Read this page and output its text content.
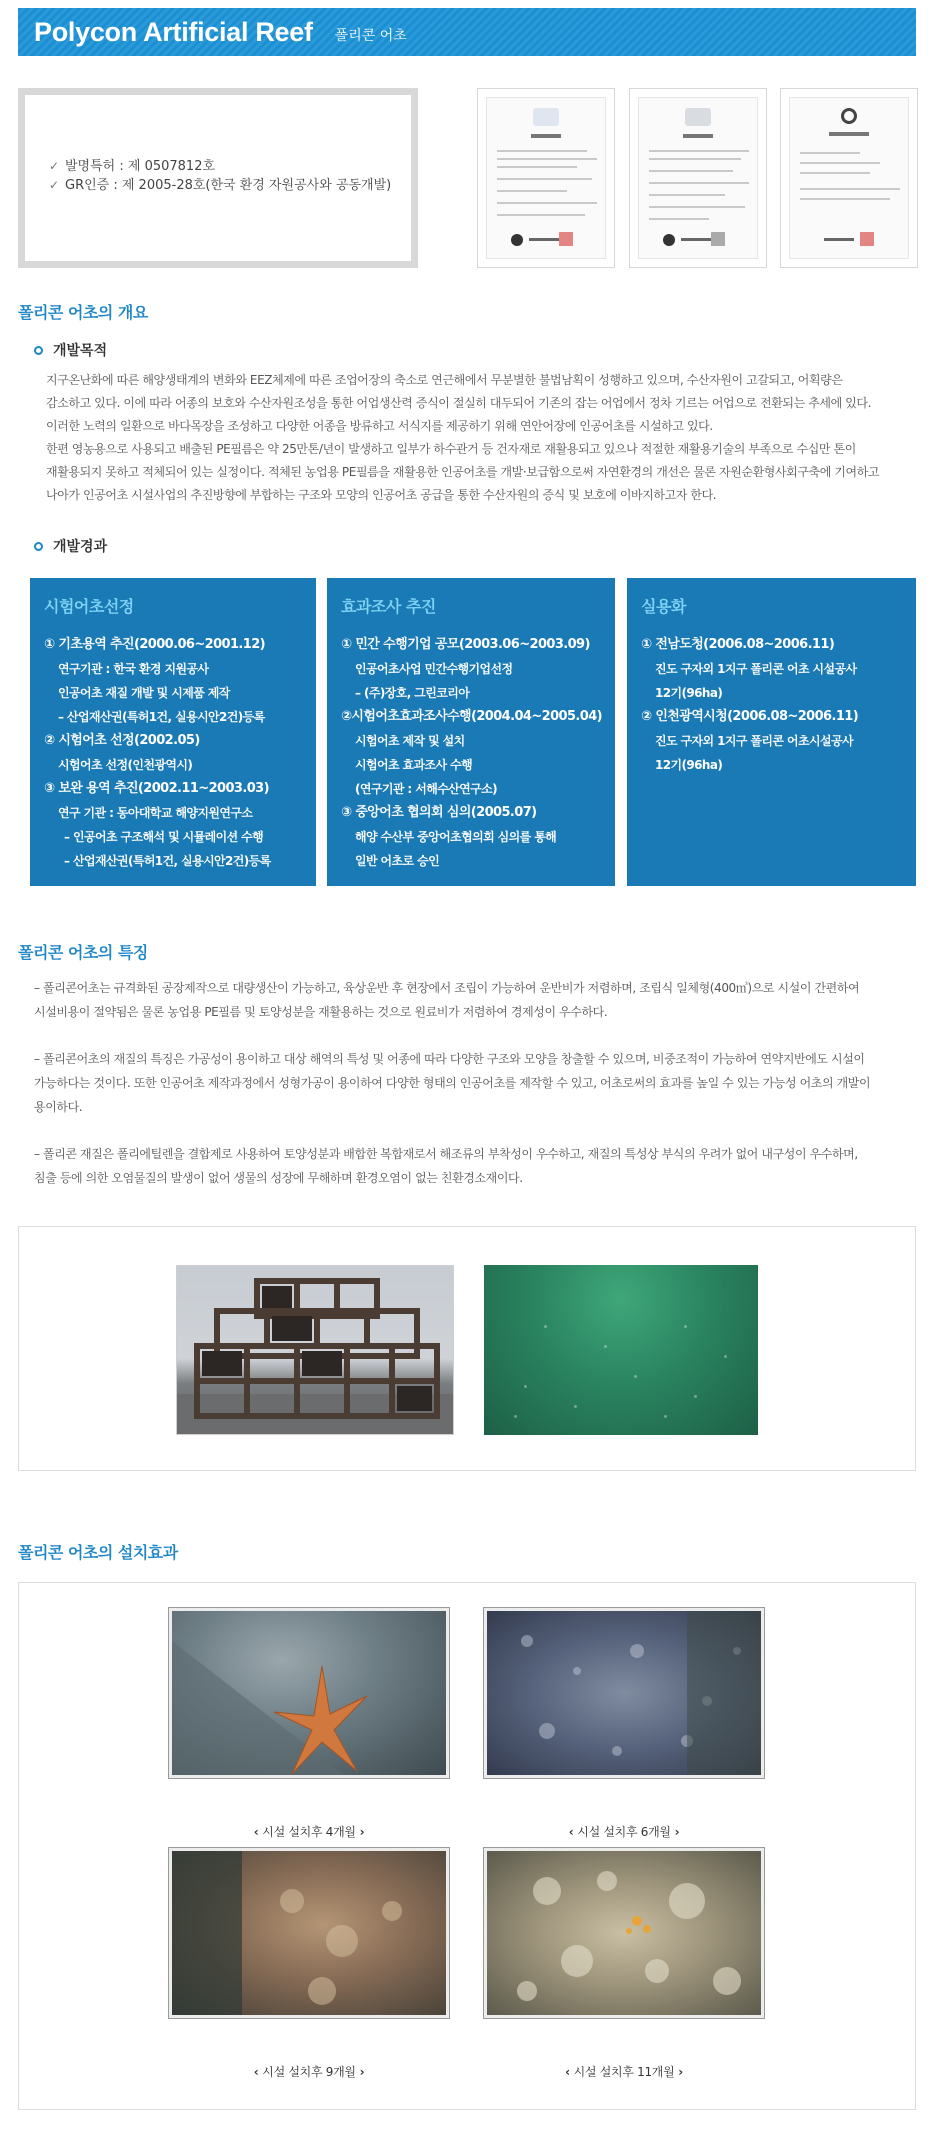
Polycon Artificial Reef 폴리콘 어초
✓ 발명특허 : 제 0507812호
✓ GR인증 : 제 2005-28호(한국 환경 자원공사와 공동개발)
폴리콘 어초의 개요
개발목적
지구온난화에 따른 해양생태계의 변화와 EEZ체제에 따른 조업어장의 축소로 연근해에서 무분별한 불법남획이 성행하고 있으며, 수산자원이 고갈되고, 어획량은
감소하고 있다. 이에 따라 어종의 보호와 수산자원조성을 통한 어업생산력 증식이 절실히 대두되어 기존의 잡는 어업에서 정차 기르는 어업으로 전환되는 추세에 있다.
이러한 노력의 일환으로 바다목장을 조성하고 다양한 어종을 방류하고 서식지를 제공하기 위해 연안어장에 인공어초를 시설하고 있다.
한편 영농용으로 사용되고 배출된 PE필름은 약 25만톤/년이 발생하고 일부가 하수관거 등 건자재로 재활용되고 있으나 적절한 재활용기술의 부족으로 수십만 톤이
재활용되지 못하고 적체되어 있는 실정이다. 적체된 농업용 PE필름을 재활용한 인공어초를 개발·보급함으로써 자연환경의 개선은 물론 자원순환형사회구축에 기여하고
나아가 인공어초 시설사업의 추진방향에 부합하는 구조와 모양의 인공어초 공급을 통한 수산자원의 증식 및 보호에 이바지하고자 한다.
개발경과
시험어초선정
① 기초용역 추진(2000.06~2001.12)
연구기관 : 한국 환경 지원공사
인공어초 재질 개발 및 시제품 제작
– 산업재산권(특허1건, 실용시안2건)등록
② 시험어초 선정(2002.05)
시험어초 선정(인천광역시)
③ 보완 용역 추진(2002.11~2003.03)
연구 기관 : 동아대학교 해양지원연구소
– 인공어초 구조해석 및 시뮬레이션 수행
– 산업재산권(특허1건, 실용시안2건)등록
효과조사 추진
① 민간 수행기업 공모(2003.06~2003.09)
인공어초사업 민간수행기업선정
– (주)장호, 그린코리아
②시험어초효과조사수행(2004.04~2005.04)
시험어초 제작 및 설치
시험어초 효과조사 수행
(연구기관 : 서해수산연구소)
③ 중앙어초 협의회 심의(2005.07)
해양 수산부 중앙어초협의회 심의를 통해
일반 어초로 승인
실용화
① 전남도청(2006.08~2006.11)
진도 구자외 1지구 폴리콘 어초 시설공사
12기(96ha)
② 인천광역시청(2006.08~2006.11)
진도 구자외 1지구 폴리콘 어초시설공사
12기(96ha)
폴리콘 어초의 특징
– 폴리콘어초는 규격화된 공장제작으로 대량생산이 가능하고, 육상운반 후 현장에서 조립이 가능하여 운반비가 저렴하며, 조립식 일체형(400㎥)으로 시설이 간편하여
시설비용이 절약됨은 물론 농업용 PE필름 및 토양성분을 재활용하는 것으로 원료비가 저렴하여 경제성이 우수하다.
– 폴리콘어초의 재질의 특징은 가공성이 용이하고 대상 해역의 특성 및 어종에 따라 다양한 구조와 모양을 창출할 수 있으며, 비중조적이 가능하여 연약지반에도 시설이
가능하다는 것이다. 또한 인공어초 제작과정에서 성형가공이 용이하여 다양한 형태의 인공어초를 제작할 수 있고, 어초로써의 효과를 높일 수 있는 가능성 어초의 개발이
용이하다.
– 폴리콘 재질은 폴리에틸렌을 결합제로 사용하여 토양성분과 배합한 복합재로서 해조류의 부착성이 우수하고, 재질의 특성상 부식의 우려가 없어 내구성이 우수하며,
침출 등에 의한 오염물질의 발생이 없어 생물의 성장에 무해하며 환경오염이 없는 친환경소재이다.
폴리콘 어초의 설치효과
‹ 시설 설치후 4개월 ›	‹ 시설 설치후 6개월 ›
‹ 시설 설치후 9개월 ›	‹ 시설 설치후 11개월 ›
